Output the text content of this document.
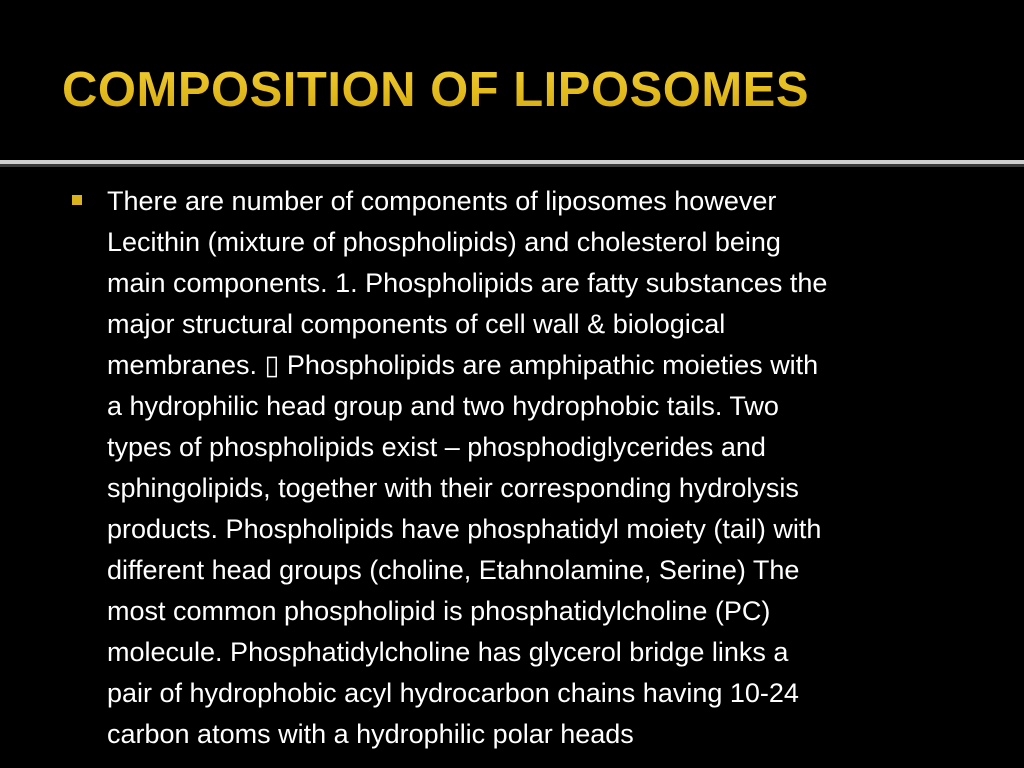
COMPOSITION OF LIPOSOMES

There are number of components of liposomes however
Lecithin (mixture of phospholipids) and cholesterol being
main components. 1. Phospholipids are fatty substances the
major structural components of cell wall & biological
membranes. ▯ Phospholipids are amphipathic moieties with
a hydrophilic head group and two hydrophobic tails. Two
types of phospholipids exist – phosphodiglycerides and
sphingolipids, together with their corresponding hydrolysis
products. Phospholipids have phosphatidyl moiety (tail) with
different head groups (choline, Etahnolamine, Serine) The
most common phospholipid is phosphatidylcholine (PC)
molecule. Phosphatidylcholine has glycerol bridge links a
pair of hydrophobic acyl hydrocarbon chains having 10-24
carbon atoms with a hydrophilic polar heads
